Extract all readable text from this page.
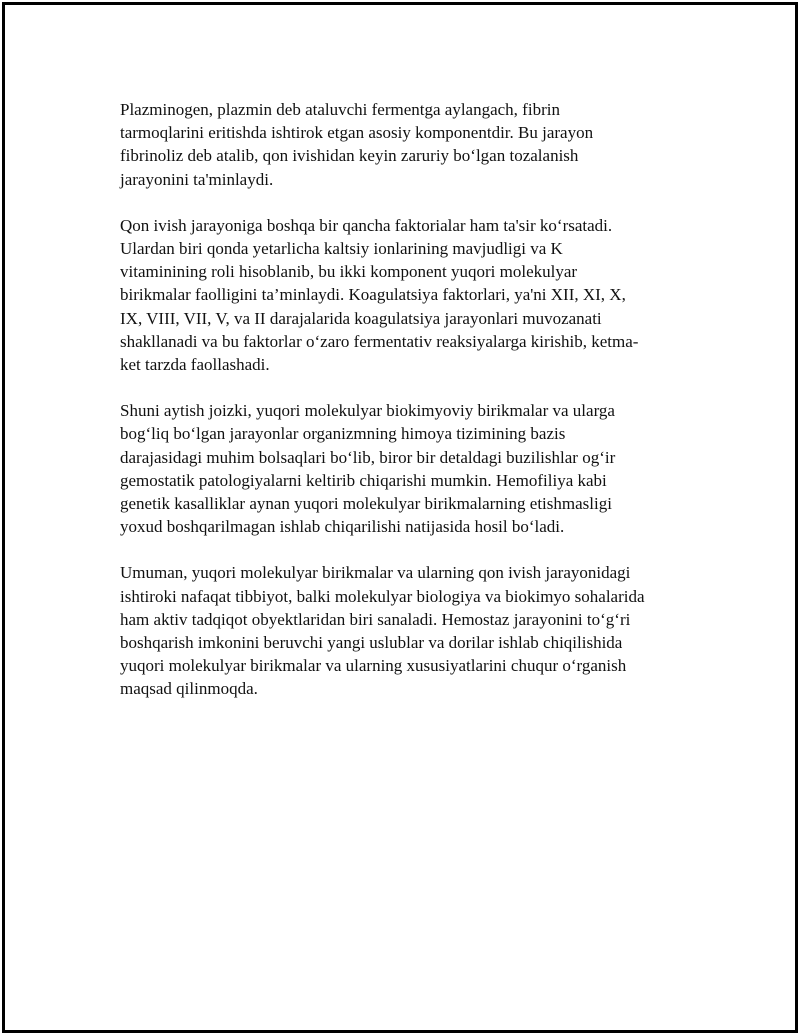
Plazminogen, plazmin deb ataluvchi fermentga aylangach, fibrin
tarmoqlarini eritishda ishtirok etgan asosiy komponentdir. Bu jarayon
fibrinoliz deb atalib, qon ivishidan keyin zaruriy bo‘lgan tozalanish
jarayonini ta'minlaydi.

Qon ivish jarayoniga boshqa bir qancha faktorialar ham ta'sir ko‘rsatadi.
Ulardan biri qonda yetarlicha kaltsiy ionlarining mavjudligi va K
vitaminining roli hisoblanib, bu ikki komponent yuqori molekulyar
birikmalar faolligini ta’minlaydi. Koagulatsiya faktorlari, ya'ni XII, XI, X,
IX, VIII, VII, V, va II darajalarida koagulatsiya jarayonlari muvozanati
shakllanadi va bu faktorlar o‘zaro fermentativ reaksiyalarga kirishib, ketma-
ket tarzda faollashadi.

Shuni aytish joizki, yuqori molekulyar biokimyoviy birikmalar va ularga
bog‘liq bo‘lgan jarayonlar organizmning himoya tizimining bazis
darajasidagi muhim bolsaqlari bo‘lib, biror bir detaldagi buzilishlar og‘ir
gemostatik patologiyalarni keltirib chiqarishi mumkin. Hemofiliya kabi
genetik kasalliklar aynan yuqori molekulyar birikmalarning etishmasligi
yoxud boshqarilmagan ishlab chiqarilishi natijasida hosil bo‘ladi.

Umuman, yuqori molekulyar birikmalar va ularning qon ivish jarayonidagi
ishtiroki nafaqat tibbiyot, balki molekulyar biologiya va biokimyo sohalarida
ham aktiv tadqiqot obyektlaridan biri sanaladi. Hemostaz jarayonini to‘g‘ri
boshqarish imkonini beruvchi yangi uslublar va dorilar ishlab chiqilishida
yuqori molekulyar birikmalar va ularning xususiyatlarini chuqur o‘rganish
maqsad qilinmoqda.
